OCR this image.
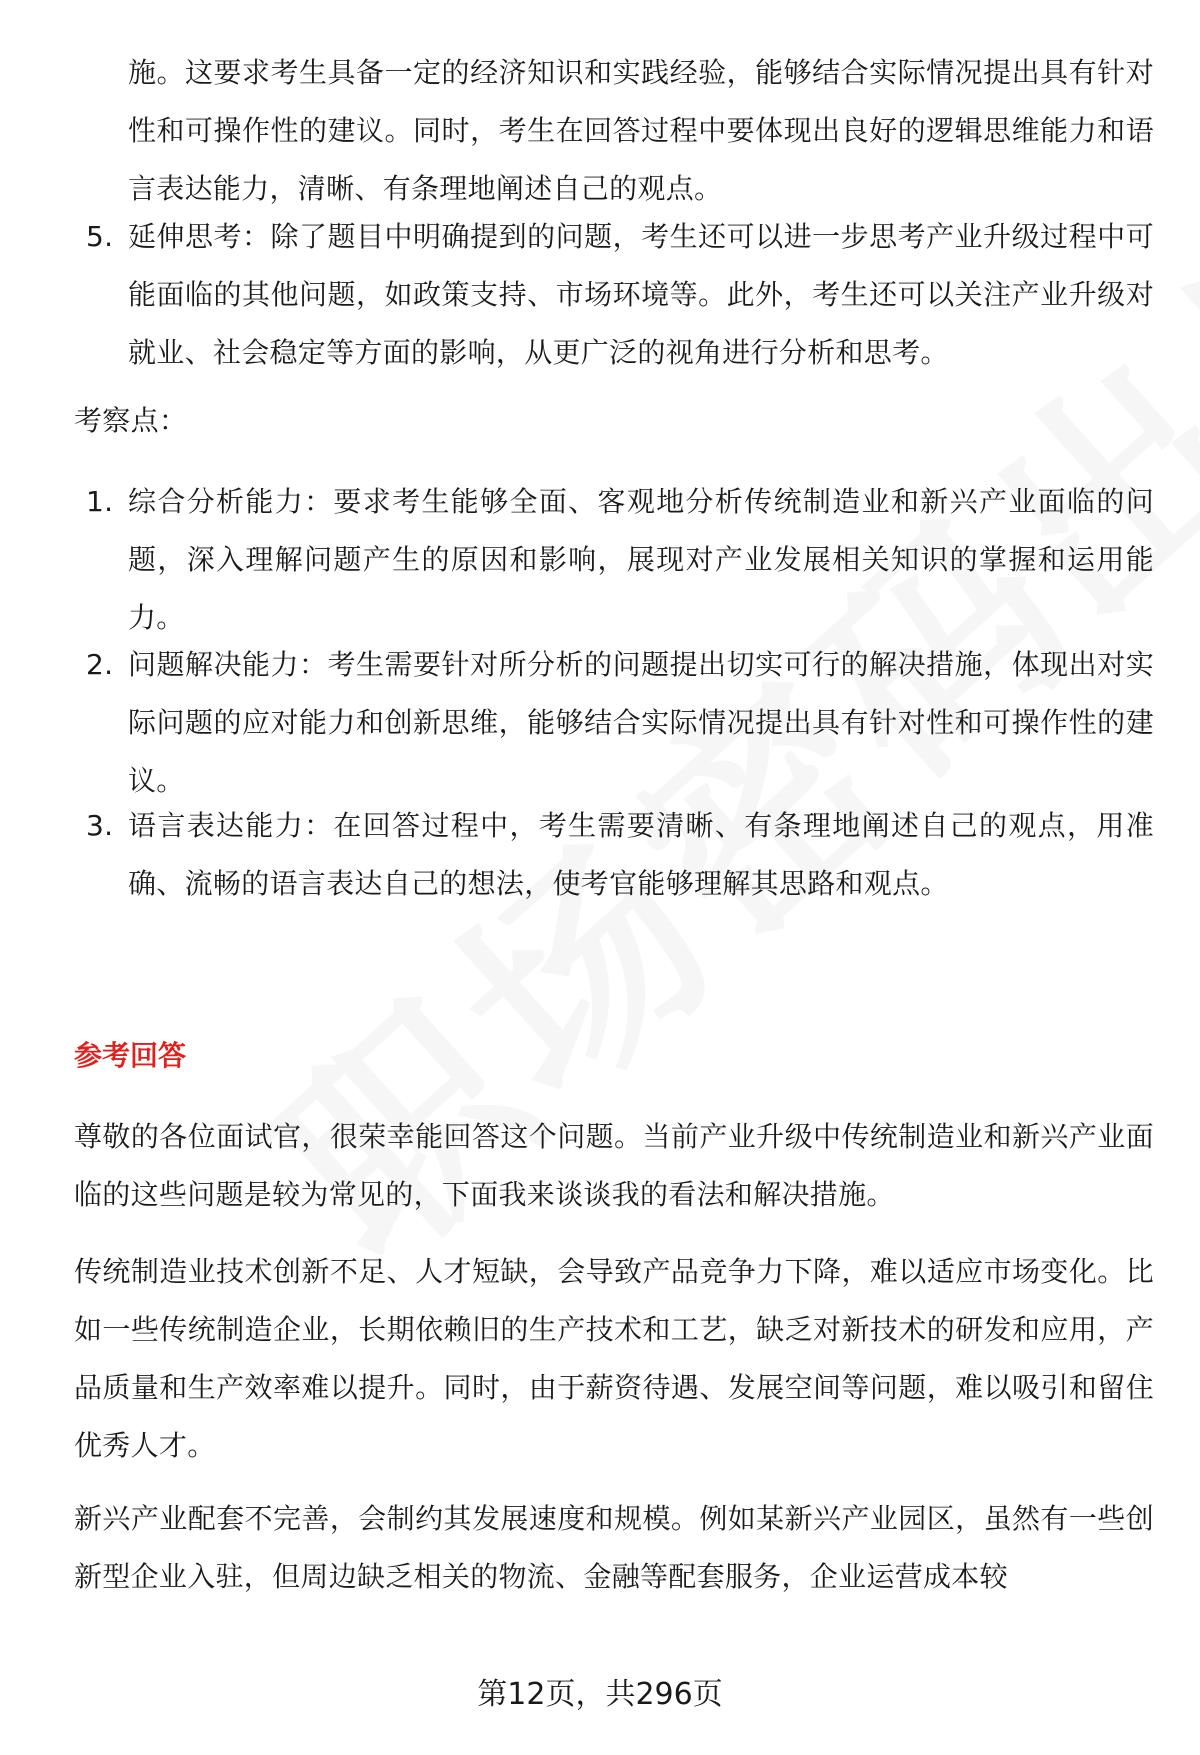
施。这要求考生具备一定的经济知识和实践经验，能够结合实际情况提出具有针对性和可操作性的建议。同时，考生在回答过程中要体现出良好的逻辑思维能力和语言表达能力，清晰、有条理地阐述自己的观点。

5. 延伸思考：除了题目中明确提到的问题，考生还可以进一步思考产业升级过程中可能面临的其他问题，如政策支持、市场环境等。此外，考生还可以关注产业升级对就业、社会稳定等方面的影响，从更广泛的视角进行分析和思考。

考察点：

1. 综合分析能力：要求考生能够全面、客观地分析传统制造业和新兴产业面临的问题，深入理解问题产生的原因和影响，展现对产业发展相关知识的掌握和运用能力。

2. 问题解决能力：考生需要针对所分析的问题提出切实可行的解决措施，体现出对实际问题的应对能力和创新思维，能够结合实际情况提出具有针对性和可操作性的建议。

3. 语言表达能力：在回答过程中，考生需要清晰、有条理地阐述自己的观点，用准确、流畅的语言表达自己的想法，使考官能够理解其思路和观点。

参考回答

尊敬的各位面试官，很荣幸能回答这个问题。当前产业升级中传统制造业和新兴产业面临的这些问题是较为常见的，下面我来谈谈我的看法和解决措施。

传统制造业技术创新不足、人才短缺，会导致产品竞争力下降，难以适应市场变化。比如一些传统制造企业，长期依赖旧的生产技术和工艺，缺乏对新技术的研发和应用，产品质量和生产效率难以提升。同时，由于薪资待遇、发展空间等问题，难以吸引和留住优秀人才。

新兴产业配套不完善，会制约其发展速度和规模。例如某新兴产业园区，虽然有一些创新型企业入驻，但周边缺乏相关的物流、金融等配套服务，企业运营成本较

第12页，共296页
